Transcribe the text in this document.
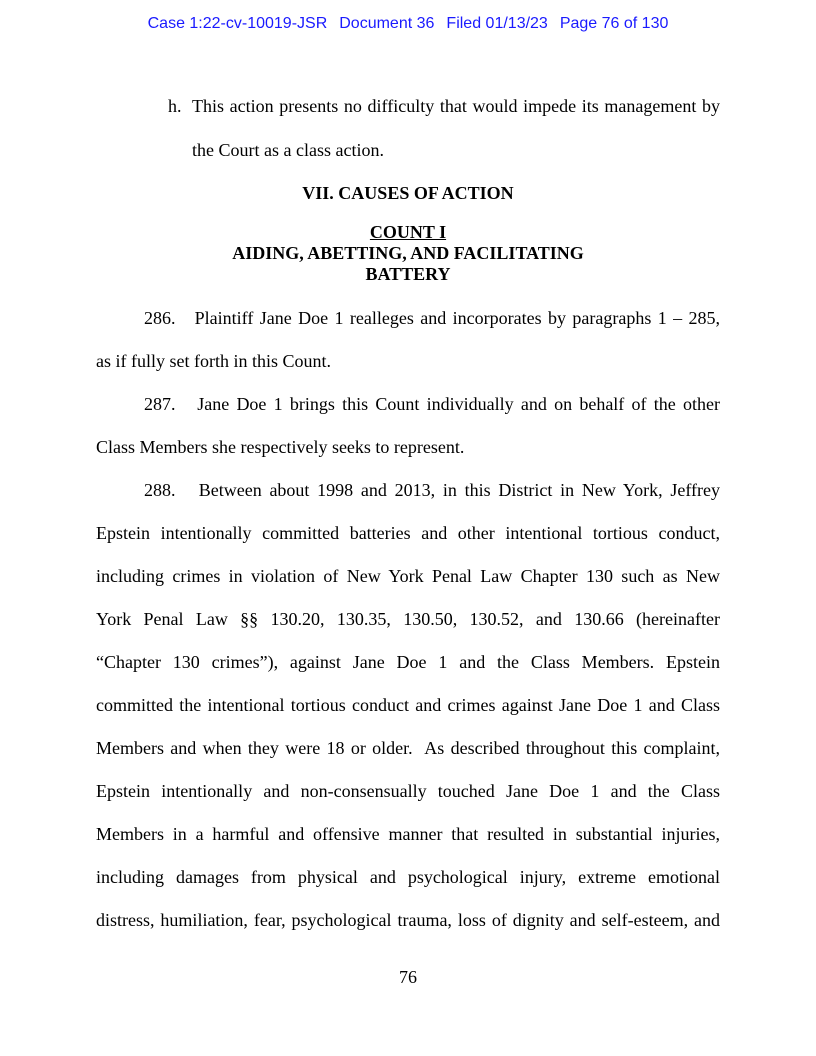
Case 1:22-cv-10019-JSR Document 36 Filed 01/13/23 Page 76 of 130
h. This action presents no difficulty that would impede its management by
the Court as a class action.
VII. CAUSES OF ACTION
COUNT I
AIDING, ABETTING, AND FACILITATING
BATTERY
286.   Plaintiff Jane Doe 1 realleges and incorporates by paragraphs 1 – 285,
as if fully set forth in this Count.
287.   Jane Doe 1 brings this Count individually and on behalf of the other
Class Members she respectively seeks to represent.
288.   Between about 1998 and 2013, in this District in New York, Jeffrey
Epstein intentionally committed batteries and other intentional tortious conduct,
including crimes in violation of New York Penal Law Chapter 130 such as New
York Penal Law §§ 130.20, 130.35, 130.50, 130.52, and 130.66 (hereinafter
“Chapter 130 crimes”), against Jane Doe 1 and the Class Members. Epstein
committed the intentional tortious conduct and crimes against Jane Doe 1 and Class
Members and when they were 18 or older.  As described throughout this complaint,
Epstein intentionally and non-consensually touched Jane Doe 1 and the Class
Members in a harmful and offensive manner that resulted in substantial injuries,
including damages from physical and psychological injury, extreme emotional
distress, humiliation, fear, psychological trauma, loss of dignity and self-esteem, and
76
